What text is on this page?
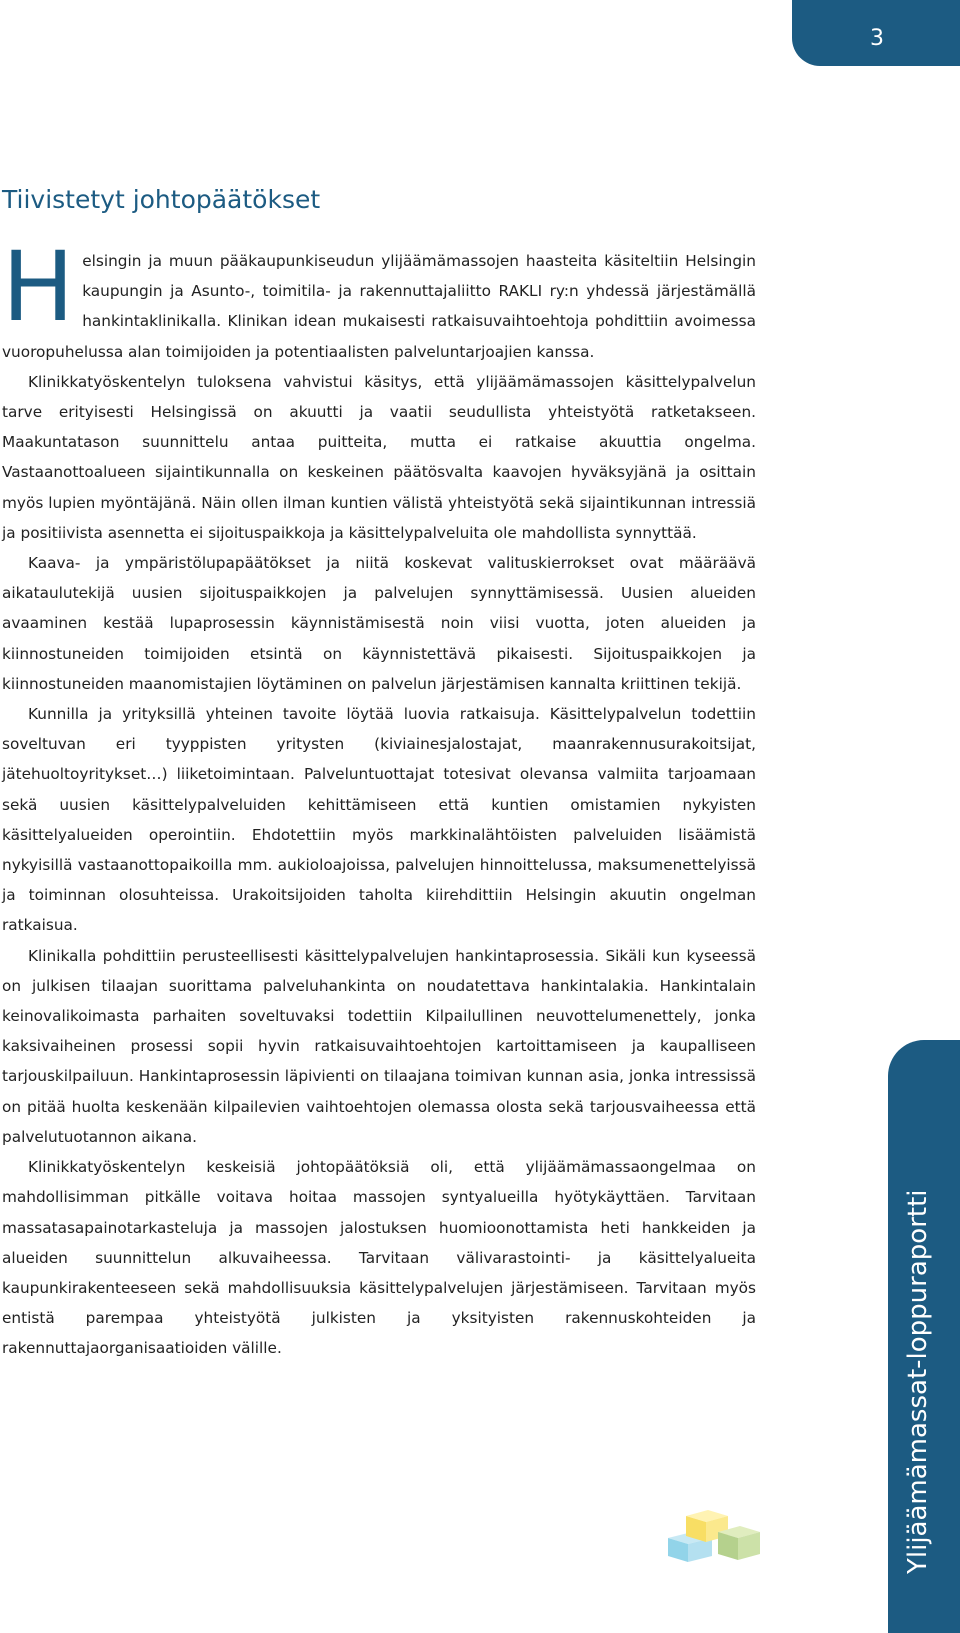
3
Tiivistetyt johtopäätökset

Helsingin ja muun pääkaupunkiseudun ylijäämämassojen haasteita käsiteltiin Helsingin kaupungin ja Asunto-, toimitila- ja rakennuttajaliitto RAKLI ry:n yhdessä järjestämällä hankintaklinikalla. Klinikan idean mukaisesti ratkaisuvaihtoehtoja pohdittiin avoimessa vuoropuhelussa alan toimijoiden ja potentiaalisten palveluntarjoajien kanssa.

Klinikkatyöskentelyn tuloksena vahvistui käsitys, että ylijäämämassojen käsittelypalvelun tarve erityisesti Helsingissä on akuutti ja vaatii seudullista yhteistyötä ratketakseen. Maakuntatason suunnittelu antaa puitteita, mutta ei ratkaise akuuttia ongelma. Vastaanottoalueen sijaintikunnalla on keskeinen päätösvalta kaavojen hyväksyjänä ja osittain myös lupien myöntäjänä. Näin ollen ilman kuntien välistä yhteistyötä sekä sijaintikunnan intressiä ja positiivista asennetta ei sijoituspaikkoja ja käsittelypalveluita ole mahdollista synnyttää.

Kaava- ja ympäristölupapäätökset ja niitä koskevat valituskierrokset ovat määräävä aikataulutekijä uusien sijoituspaikkojen ja palvelujen synnyttämisessä. Uusien alueiden avaaminen kestää lupaprosessin käynnistämisestä noin viisi vuotta, joten alueiden ja kiinnostuneiden toimijoiden etsintä on käynnistettävä pikaisesti. Sijoituspaikkojen ja kiinnostuneiden maanomistajien löytäminen on palvelun järjestämisen kannalta kriittinen tekijä.

Kunnilla ja yrityksillä yhteinen tavoite löytää luovia ratkaisuja. Käsittelypalvelun todettiin soveltuvan eri tyyppisten yritysten (kiviainesjalostajat, maanrakennusurakoitsijat, jätehuoltoyritykset…) liiketoimintaan. Palveluntuottajat totesivat olevansa valmiita tarjoamaan sekä uusien käsittelypalveluiden kehittämiseen että kuntien omistamien nykyisten käsittelyalueiden operointiin. Ehdotettiin myös markkinalähtöisten palveluiden lisäämistä nykyisillä vastaanottopaikoilla mm. aukioloajoissa, palvelujen hinnoittelussa, maksumenettelyissä ja toiminnan olosuhteissa. Urakoitsijoiden taholta kiirehdittiin Helsingin akuutin ongelman ratkaisua.

Klinikalla pohdittiin perusteellisesti käsittelypalvelujen hankintaprosessia. Sikäli kun kyseessä on julkisen tilaajan suorittama palveluhankinta on noudatettava hankintalakia. Hankintalain keinovalikoimasta parhaiten soveltuvaksi todettiin Kilpailullinen neuvottelumenettely, jonka kaksivaiheinen prosessi sopii hyvin ratkaisuvaihtoehtojen kartoittamiseen ja kaupalliseen tarjouskilpailuun. Hankintaprosessin läpivienti on tilaajana toimivan kunnan asia, jonka intressissä on pitää huolta keskenään kilpailevien vaihtoehtojen olemassa olosta sekä tarjousvaiheessa että palvelutuotannon aikana.

Klinikkatyöskentelyn keskeisiä johtopäätöksiä oli, että ylijäämämassaongelmaa on mahdollisimman pitkälle voitava hoitaa massojen syntyalueilla hyötykäyttäen. Tarvitaan massatasapainotarkasteluja ja massojen jalostuksen huomioonottamista heti hankkeiden ja alueiden suunnittelun alkuvaiheessa. Tarvitaan välivarastointi- ja käsittelyalueita kaupunkirakenteeseen sekä mahdollisuuksia käsittelypalvelujen järjestämiseen. Tarvitaan myös entistä parempaa yhteistyötä julkisten ja yksityisten rakennuskohteiden ja rakennuttajaorganisaatioiden välille.	Ylijäämämassat-loppuraportti
